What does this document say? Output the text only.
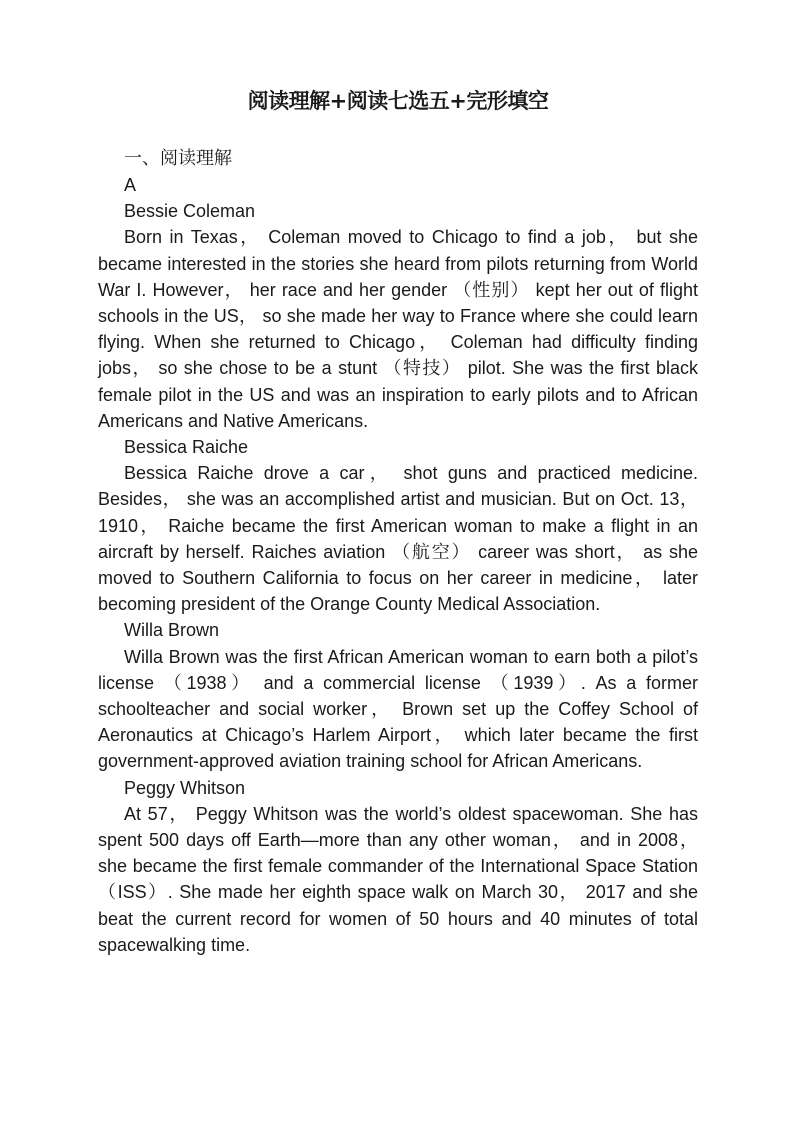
阅读理解+阅读七选五+完形填空
一、阅读理解
A
Bessie Coleman

Born in Texas， Coleman moved to Chicago to find a job， but she became interested in the stories she heard from pilots returning from World War I. However， her race and her gender （性别） kept her out of flight schools in the US， so she made her way to France where she could learn flying. When she returned to Chicago， Coleman had difficulty finding jobs， so she chose to be a stunt （特技） pilot. She was the first black female pilot in the US and was an inspiration to early pilots and to African Americans and Native Americans.

Bessica Raiche

Bessica Raiche drove a car， shot guns and practiced medicine. Besides， she was an accomplished artist and musician. But on Oct. 13， 1910， Raiche became the first American woman to make a flight in an aircraft by herself. Raiches aviation （航空） career was short， as she moved to Southern California to focus on her career in medicine， later becoming president of the Orange County Medical Association.

Willa Brown

Willa Brown was the first African American woman to earn both a pilot’s license （1938） and a commercial license （1939）. As a former schoolteacher and social worker， Brown set up the Coffey School of Aeronautics at Chicago’s Harlem Airport， which later became the first government-approved aviation training school for African Americans.

Peggy Whitson

At 57， Peggy Whitson was the world’s oldest spacewoman. She has spent 500 days off Earth—more than any other woman， and in 2008， she became the first female commander of the International Space Station （ISS）. She made her eighth space walk on March 30， 2017 and she beat the current record for women of 50 hours and 40 minutes of total spacewalking time.
